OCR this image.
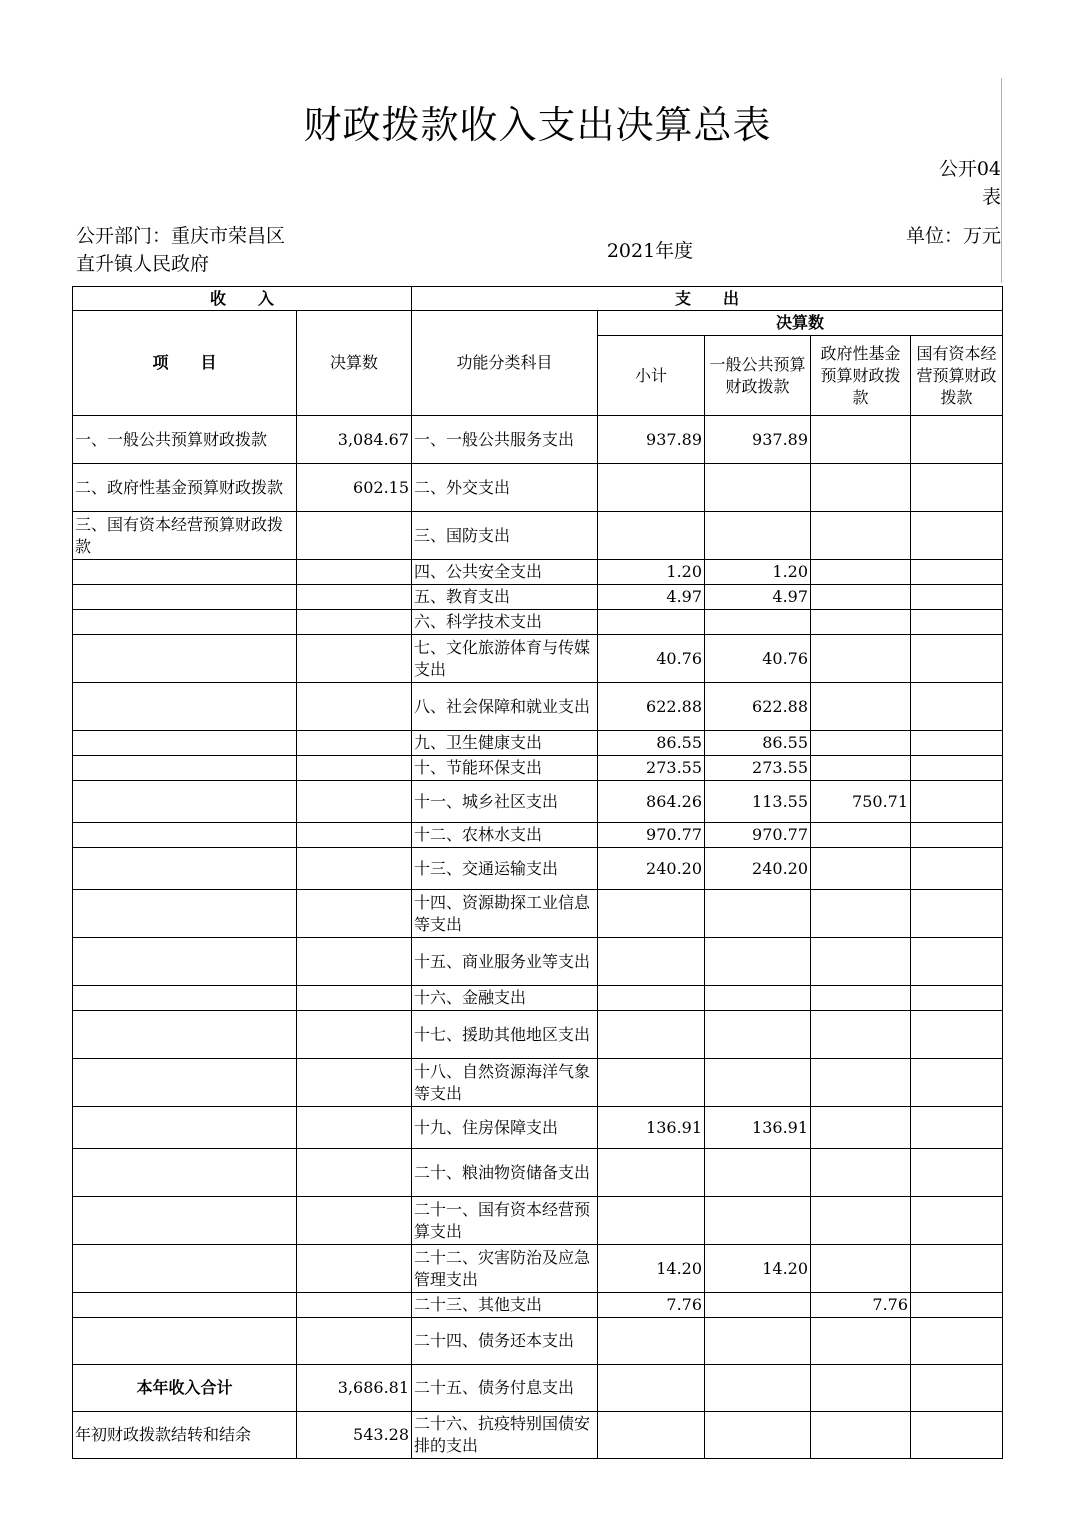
财政拨款收入支出决算总表
公开04表
公开部门：重庆市荣昌区直升镇人民政府
2021年度
单位：万元
收　　入		支　　出				
项　　目	决算数	功能分类科目	决算数			
			小计	一般公共预算财政拨款	政府性基金预算财政拨款	国有资本经营预算财政拨款
一、一般公共预算财政拨款	3,084.67	一、一般公共服务支出	937.89	937.89		
二、政府性基金预算财政拨款	602.15	二、外交支出				
三、国有资本经营预算财政拨款		三、国防支出				
		四、公共安全支出	1.20	1.20		
		五、教育支出	4.97	4.97		
		六、科学技术支出				
		七、文化旅游体育与传媒支出	40.76	40.76		
		八、社会保障和就业支出	622.88	622.88		
		九、卫生健康支出	86.55	86.55		
		十、节能环保支出	273.55	273.55		
		十一、城乡社区支出	864.26	113.55	750.71	
		十二、农林水支出	970.77	970.77		
		十三、交通运输支出	240.20	240.20		
		十四、资源勘探工业信息等支出				
		十五、商业服务业等支出				
		十六、金融支出				
		十七、援助其他地区支出				
		十八、自然资源海洋气象等支出				
		十九、住房保障支出	136.91	136.91		
		二十、粮油物资储备支出				
		二十一、国有资本经营预算支出				
		二十二、灾害防治及应急管理支出	14.20	14.20		
		二十三、其他支出	7.76		7.76	
		二十四、债务还本支出				
本年收入合计	3,686.81	二十五、债务付息支出				
年初财政拨款结转和结余	543.28	二十六、抗疫特别国债安排的支出				
